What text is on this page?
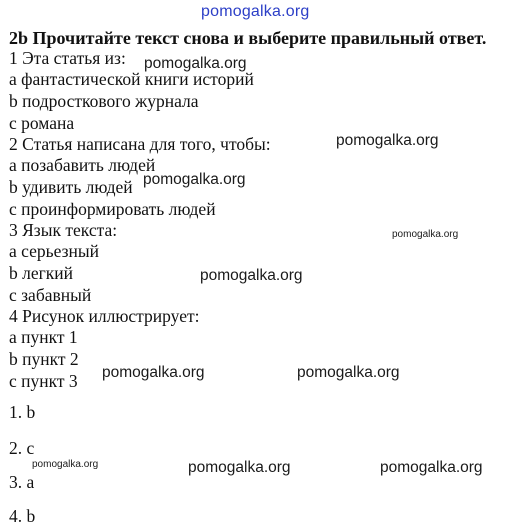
pomogalka.org
2b Прочитайте текст снова и выберите правильный ответ.
1 Эта статья из:
a фантастической книги историй
b подросткового журнала
c романа
2 Статья написана для того, чтобы:
a позабавить людей
b удивить людей
c проинформировать людей
3 Язык текста:
a серьезный
b легкий
c забавный
4 Рисунок иллюстрирует:
a пункт 1
b пункт 2
c пункт 3
1. b
2. c
3. a
4. b
pomogalka.org
pomogalka.org
pomogalka.org
pomogalka.org
pomogalka.org
pomogalka.org	pomogalka.org
pomogalka.org	pomogalka.org	pomogalka.org
